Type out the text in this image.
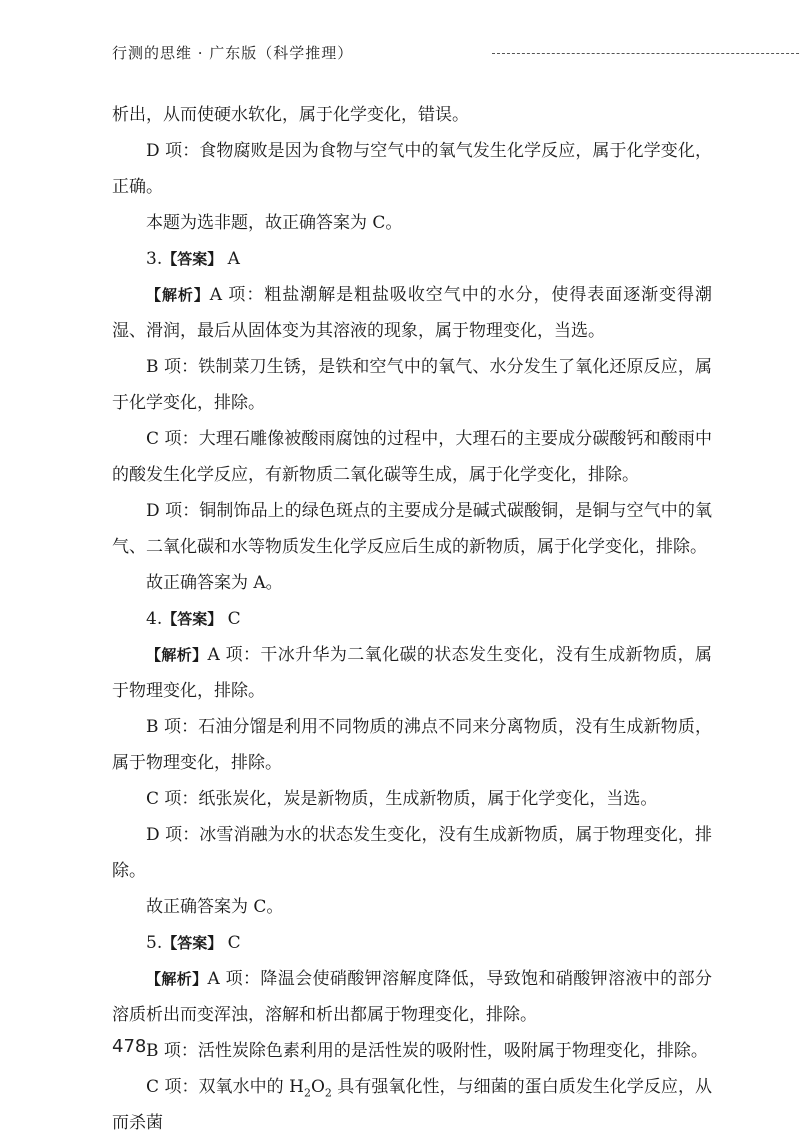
行测的思维 · 广东版（科学推理）

析出，从而使硬水软化，属于化学变化，错误。

D 项：食物腐败是因为食物与空气中的氧气发生化学反应，属于化学变化，正确。

本题为选非题，故正确答案为 C。

3.【答案】 A

【解析】A 项：粗盐潮解是粗盐吸收空气中的水分，使得表面逐渐变得潮湿、滑润，最后从固体变为其溶液的现象，属于物理变化，当选。

B 项：铁制菜刀生锈，是铁和空气中的氧气、水分发生了氧化还原反应，属于化学变化，排除。

C 项：大理石雕像被酸雨腐蚀的过程中，大理石的主要成分碳酸钙和酸雨中的酸发生化学反应，有新物质二氧化碳等生成，属于化学变化，排除。

D 项：铜制饰品上的绿色斑点的主要成分是碱式碳酸铜，是铜与空气中的氧气、二氧化碳和水等物质发生化学反应后生成的新物质，属于化学变化，排除。

故正确答案为 A。

4.【答案】 C

【解析】A 项：干冰升华为二氧化碳的状态发生变化，没有生成新物质，属于物理变化，排除。

B 项：石油分馏是利用不同物质的沸点不同来分离物质，没有生成新物质，属于物理变化，排除。

C 项：纸张炭化，炭是新物质，生成新物质，属于化学变化，当选。

D 项：冰雪消融为水的状态发生变化，没有生成新物质，属于物理变化，排除。

故正确答案为 C。

5.【答案】 C

【解析】A 项：降温会使硝酸钾溶解度降低，导致饱和硝酸钾溶液中的部分溶质析出而变浑浊，溶解和析出都属于物理变化，排除。

B 项：活性炭除色素利用的是活性炭的吸附性，吸附属于物理变化，排除。

C 项：双氧水中的 $H_2O_2$ 具有强氧化性，与细菌的蛋白质发生化学反应，从而杀菌

478
